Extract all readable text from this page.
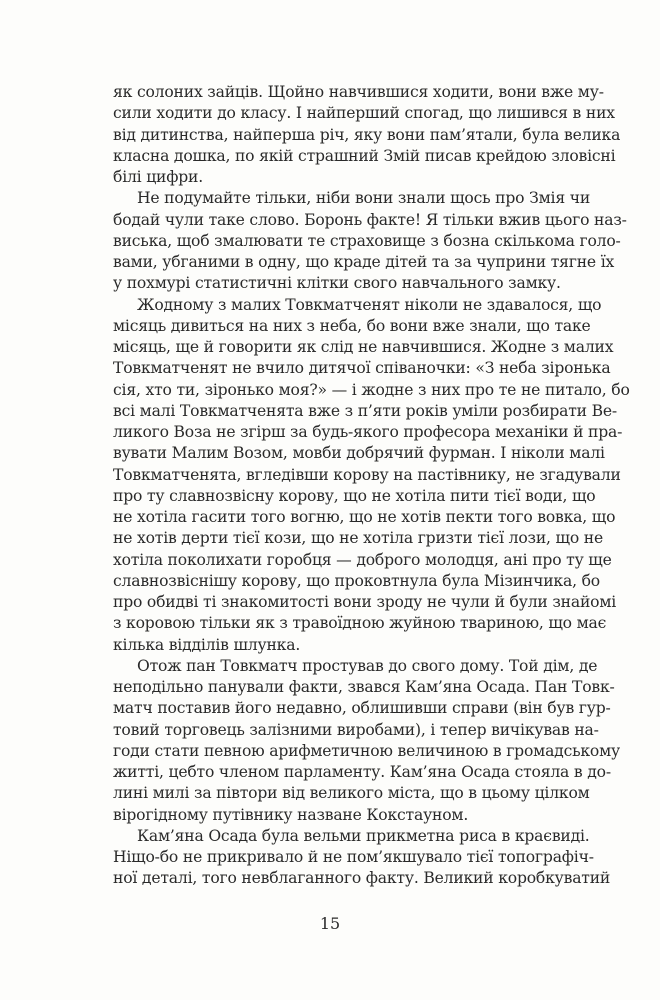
як солоних зайців. Щойно навчившися ходити, вони вже му-
сили ходити до класу. І найперший спогад, що лишився в них
від дитинства, найперша річ, яку вони пам’ятали, була велика
класна дошка, по якій страшний Змій писав крейдою зловісні
білі цифри.
Не подумайте тільки, ніби вони знали щось про Змія чи
бодай чули таке слово. Боронь факте! Я тільки вжив цього наз-
виська, щоб змалювати те страховище з бозна скількома голо-
вами, убганими в одну, що краде дітей та за чуприни тягне їх
у похмурі статистичні клітки свого навчального замку.
Жодному з малих Товкматченят ніколи не здавалося, що
місяць дивиться на них з неба, бо вони вже знали, що таке
місяць, ще й говорити як слід не навчившися. Жодне з малих
Товкматченят не вчило дитячої співаночки: «З неба зіронька
сія, хто ти, зіронько моя?» — і жодне з них про те не питало, бо
всі малі Товкматченята вже з п’яти років уміли розбирати Ве-
ликого Воза не згірш за будь-якого професора механіки й пра-
вувати Малим Возом, мовби добрячий фурман. І ніколи малі
Товкматченята, вгледівши корову на пастівнику, не згадували
про ту славнозвісну корову, що не хотіла пити тієї води, що
не хотіла гасити того вогню, що не хотів пекти того вовка, що
не хотів дерти тієї кози, що не хотіла гризти тієї лози, що не
хотіла поколихати горобця — доброго молодця, ані про ту ще
славнозвіснішу корову, що проковтнула була Мізинчика, бо
про обидві ті знакомитості вони зроду не чули й були знайомі
з коровою тільки як з травоїдною жуйною твариною, що має
кілька відділів шлунка.
Отож пан Товкматч простував до свого дому. Той дім, де
неподільно панували факти, звався Кам’яна Осада. Пан Товк-
матч поставив його недавно, облишивши справи (він був гур-
товий торговець залізними виробами), і тепер вичікував на-
годи стати певною арифметичною величиною в громадському
житті, цебто членом парламенту. Кам’яна Осада стояла в до-
лині милі за півтори від великого міста, що в цьому цілком
вірогідному путівнику назване Кокстауном.
Кам’яна Осада була вельми прикметна риса в краєвиді.
Ніщо-бо не прикривало й не пом’якшувало тієї топографіч-
ної деталі, того невблаганного факту. Великий коробкуватий
15
